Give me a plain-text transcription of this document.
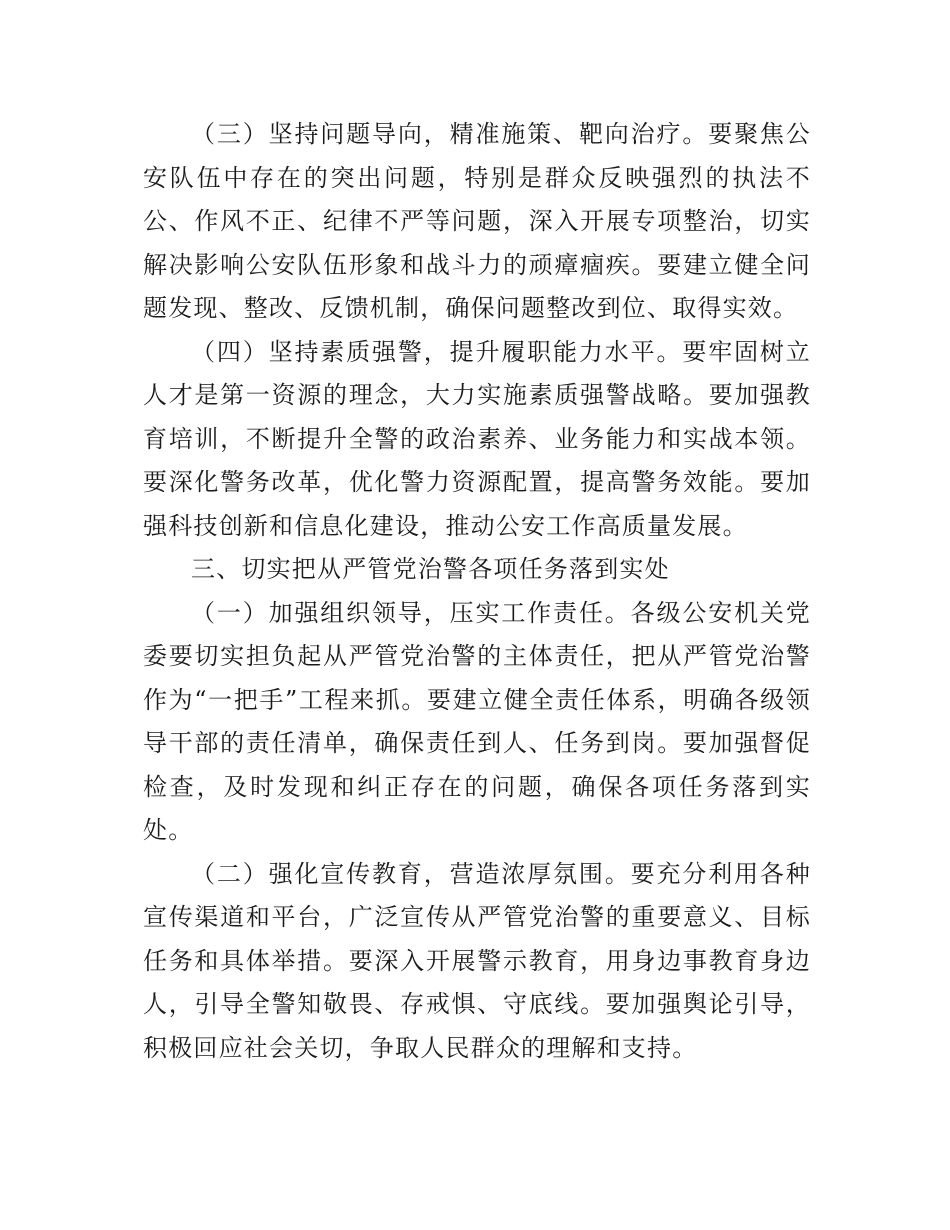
（三）坚持问题导向，精准施策、靶向治疗。要聚焦公安队伍中存在的突出问题，特别是群众反映强烈的执法不公、作风不正、纪律不严等问题，深入开展专项整治，切实解决影响公安队伍形象和战斗力的顽瘴痼疾。要建立健全问题发现、整改、反馈机制，确保问题整改到位、取得实效。

（四）坚持素质强警，提升履职能力水平。要牢固树立人才是第一资源的理念，大力实施素质强警战略。要加强教育培训，不断提升全警的政治素养、业务能力和实战本领。要深化警务改革，优化警力资源配置，提高警务效能。要加强科技创新和信息化建设，推动公安工作高质量发展。

三、切实把从严管党治警各项任务落到实处

（一）加强组织领导，压实工作责任。各级公安机关党委要切实担负起从严管党治警的主体责任，把从严管党治警作为“一把手”工程来抓。要建立健全责任体系，明确各级领导干部的责任清单，确保责任到人、任务到岗。要加强督促检查，及时发现和纠正存在的问题，确保各项任务落到实处。

（二）强化宣传教育，营造浓厚氛围。要充分利用各种宣传渠道和平台，广泛宣传从严管党治警的重要意义、目标任务和具体举措。要深入开展警示教育，用身边事教育身边人，引导全警知敬畏、存戒惧、守底线。要加强舆论引导，积极回应社会关切，争取人民群众的理解和支持。
